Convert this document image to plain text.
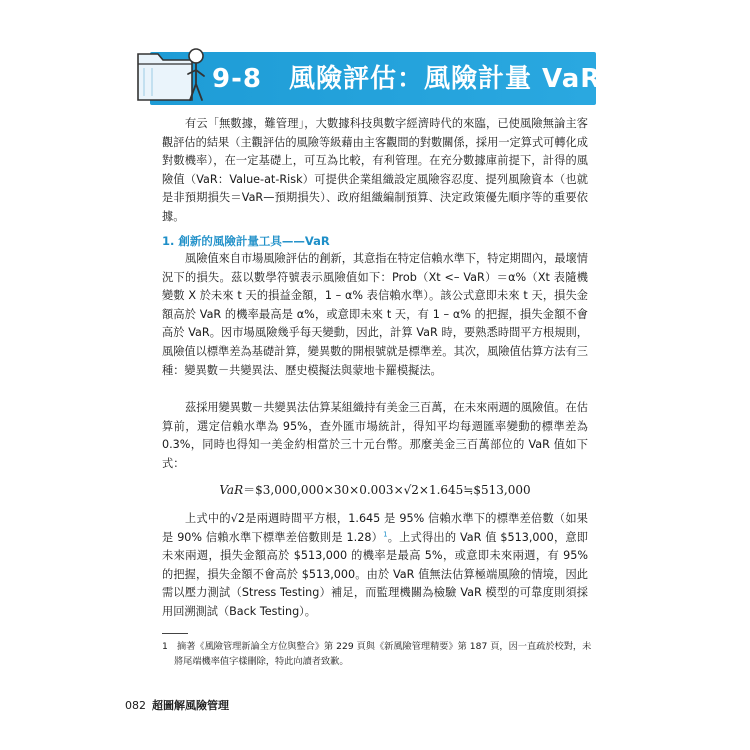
9-8　風險評估：風險計量 VaR
有云「無數據，難管理」，大數據科技與數字經濟時代的來臨，已使風險無論主客觀評估的結果（主觀評估的風險等級藉由主客觀間的對數關係，採用一定算式可轉化成對數機率），在一定基礎上，可互為比較，有利管理。在充分數據庫前提下，計得的風險值（VaR：Value-at-Risk）可提供企業組織設定風險容忍度、提列風險資本（也就是非預期損失＝VaR—預期損失）、政府組織編制預算、決定政策優先順序等的重要依據。
1. 創新的風險計量工具——VaR
風險值來自市場風險評估的創新，其意指在特定信賴水準下，特定期間內，最壞情況下的損失。茲以數學符號表示風險值如下：Prob（Xt <– VaR）＝α%（Xt 表隨機變數 X 於未來 t 天的損益金額，1 – α% 表信賴水準）。該公式意即未來 t 天，損失金額高於 VaR 的機率最高是 α%，或意即未來 t 天，有 1 – α% 的把握，損失金額不會高於 VaR。因市場風險幾乎每天變動，因此，計算 VaR 時，要熟悉時間平方根規則，風險值以標準差為基礎計算，變異數的開根號就是標準差。其次，風險值估算方法有三種：變異數－共變異法、歷史模擬法與蒙地卡羅模擬法。
茲採用變異數－共變異法估算某組織持有美金三百萬，在未來兩週的風險值。在估算前，選定信賴水準為 95%，查外匯市場統計，得知平均每週匯率變動的標準差為 0.3%，同時也得知一美金約相當於三十元台幣。那麼美金三百萬部位的 VaR 值如下式：
VaR＝$3,000,000×30×0.003×√2×1.645≒$513,000
上式中的√2是兩週時間平方根，1.645 是 95% 信賴水準下的標準差倍數（如果是 90% 信賴水準下標準差倍數則是 1.28）$^1$。上式得出的 VaR 值 $513,000，意即未來兩週，損失金額高於 $513,000 的機率是最高 5%，或意即未來兩週，有 95% 的把握，損失金額不會高於 $513,000。由於 VaR 值無法估算極端風險的情境，因此需以壓力測試（Stress Testing）補足，而監理機關為檢驗 VaR 模型的可靠度則須採用回溯測試（Back Testing）。
1　摘著《風險管理新論全方位與整合》第 229 頁與《新風險管理精要》第 187 頁，因一直疏於校對，未將尾端機率值字樣刪除，特此向讀者致歉。
082 超圖解風險管理
